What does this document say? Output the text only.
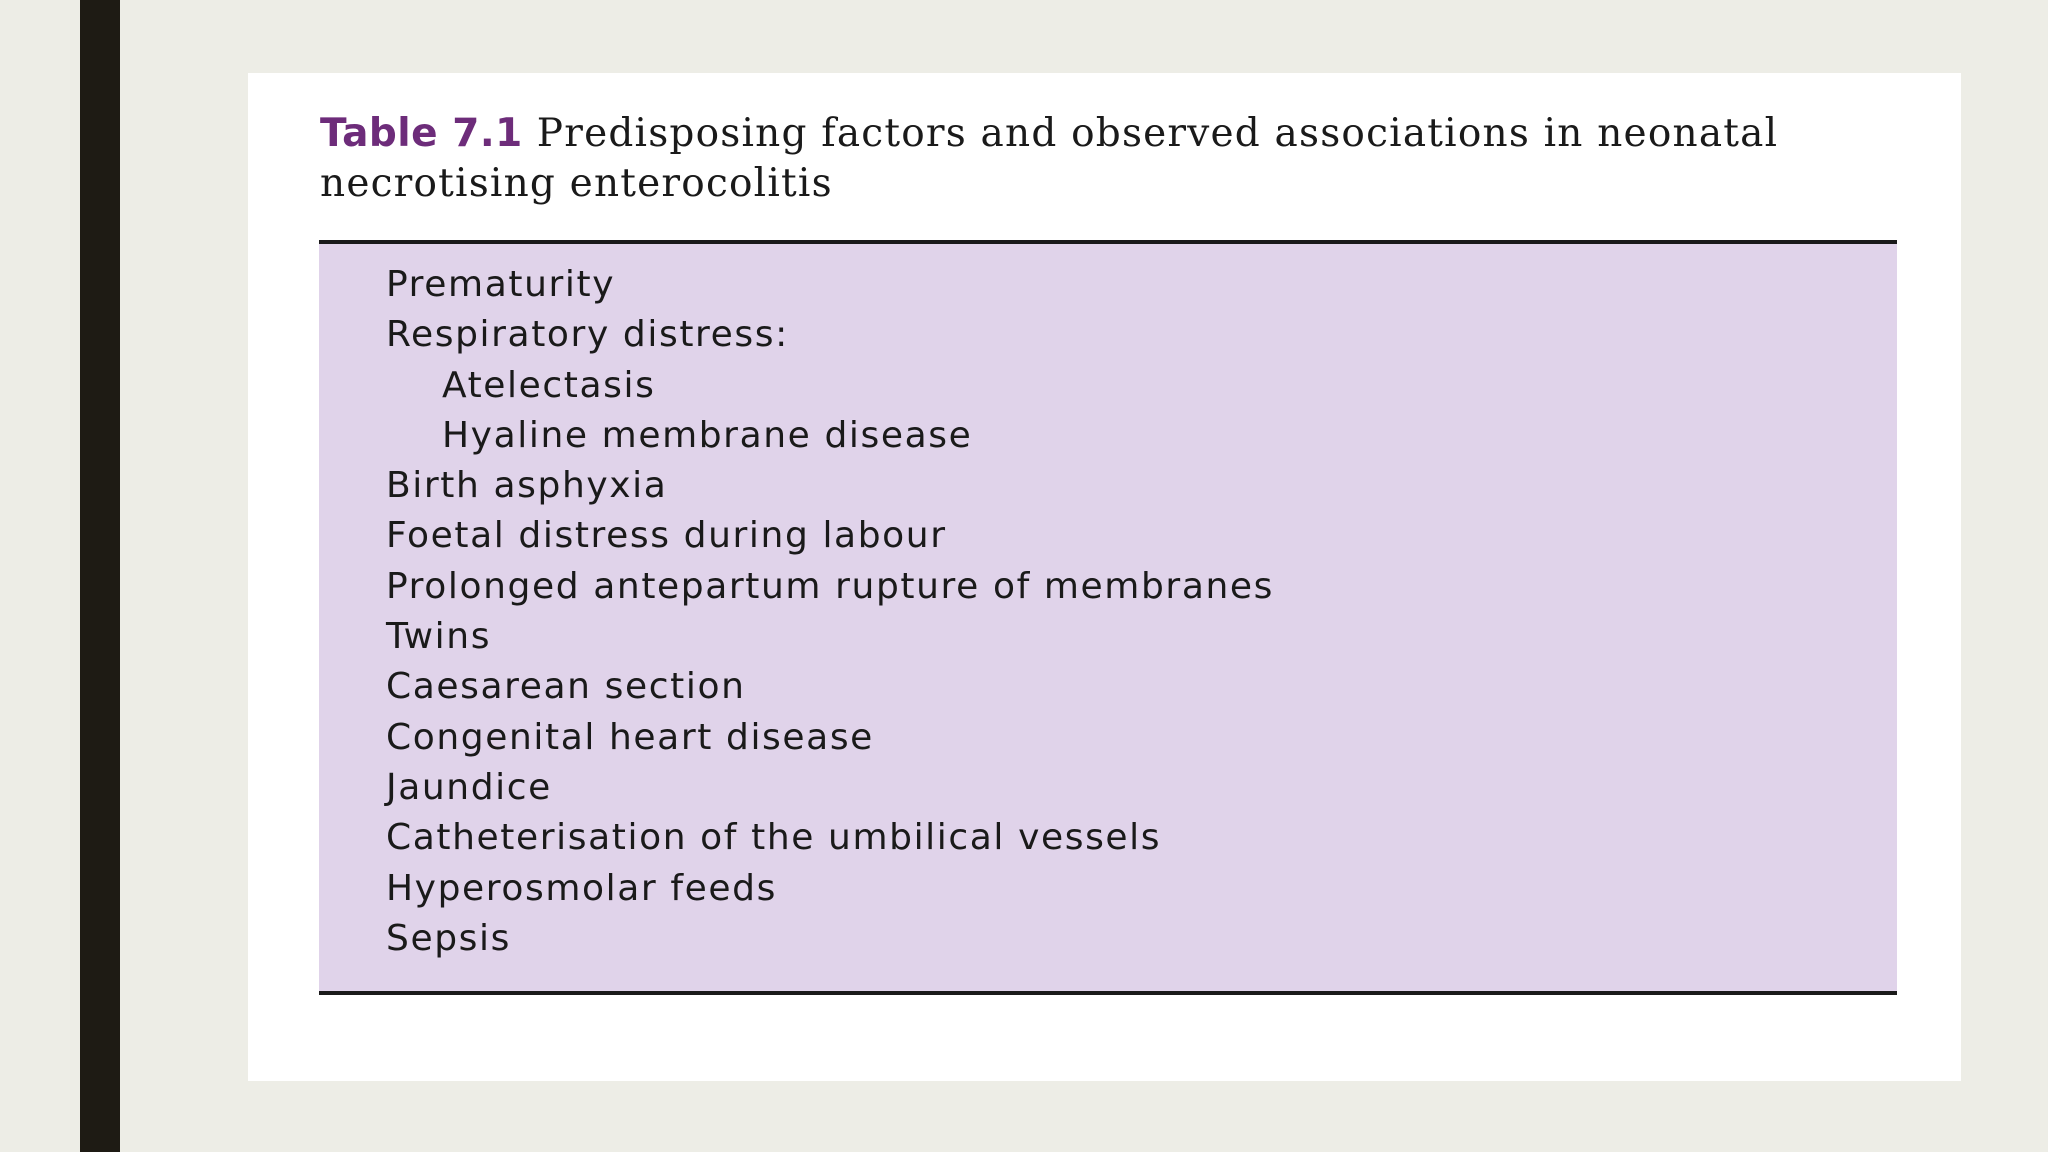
Table 7.1 Predisposing factors and observed associations in neonatal necrotising enterocolitis
Prematurity
Respiratory distress:
Atelectasis
Hyaline membrane disease
Birth asphyxia
Foetal distress during labour
Prolonged antepartum rupture of membranes
Twins
Caesarean section
Congenital heart disease
Jaundice
Catheterisation of the umbilical vessels
Hyperosmolar feeds
Sepsis
